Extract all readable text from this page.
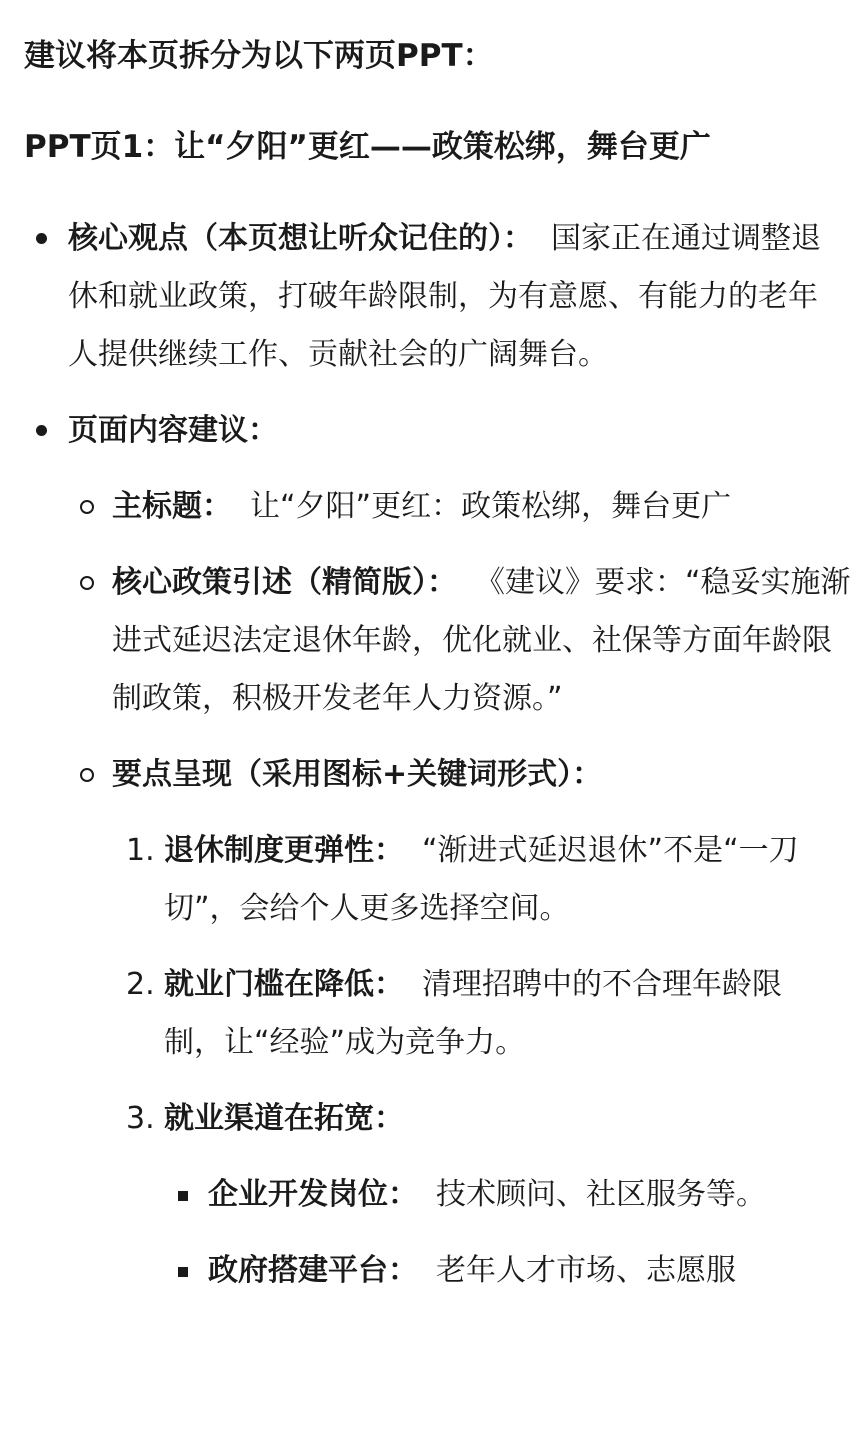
建议将本页拆分为以下两页PPT：

PPT页1：让“夕阳”更红——政策松绑，舞台更广
核心观点（本页想让听众记住的）： 国家正在通过调整退休和就业政策，打破年龄限制，为有意愿、有能力的老年人提供继续工作、贡献社会的广阔舞台。
页面内容建议：
主标题： 让“夕阳”更红：政策松绑，舞台更广
核心政策引述（精简版）： 《建议》要求：“稳妥实施渐进式延迟法定退休年龄，优化就业、社保等方面年龄限制政策，积极开发老年人力资源。”
要点呈现（采用图标+关键词形式）：
1. 退休制度更弹性： “渐进式延迟退休”不是“一刀切”，会给个人更多选择空间。
2. 就业门槛在降低： 清理招聘中的不合理年龄限制，让“经验”成为竞争力。
3. 就业渠道在拓宽：
企业开发岗位： 技术顾问、社区服务等。
政府搭建平台： 老年人才市场、志愿服
